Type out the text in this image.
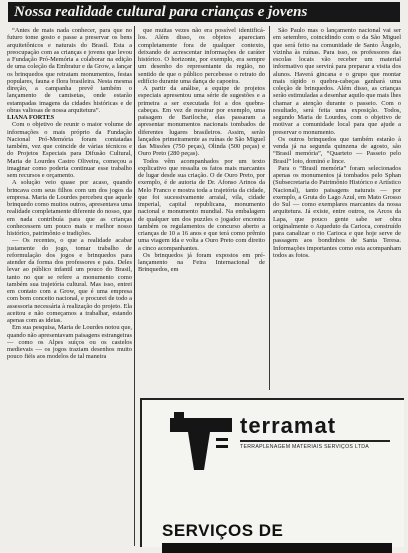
Nossa realidade cultural para crianças e jovens

“Antes de mais nada conhecer, para que no futuro tome gosto e passe a preservar os bens arquitetônicos e naturais do Brasil. Esta a preocupação com as crianças e jovens que levou a Fundação Pró-Memória a colaborar na edição de uma coleção da Embratur e da Grow, a lançar os brinquedos que retratam monumentos, festas populares, fauna e flora brasileira. Nesta mesma direção, a campanha prevê também o lançamento de camisetas, onde estarão estampadas imagens da cidades históricas e de obras valiosas de nossa arquitetura”.

LIANA FORTES

Com o objetivo de reunir o maior volume de informações o mais próprio da Fundação Nacional Pró-Memória foram contatadas também, vez que coincide de várias técnicos e do Projetos Especiais para Difusão Cultural, Maria de Lourdes Castro Oliveira, começou a imaginar como poderia continuar esse trabalho sem recursos e orçamento.

A solução veio quase por acaso, quando brincava com seus filhos com um dos jogos da empresa. Maria de Lourdes percebeu que aquele brinquedo como muitos outros, apresentava uma realidade completamente diferente do nosso, que em nada contribuía para que as crianças conhecessem um pouco mais e melhor nosso histórico, patrimônio e tradições.

— Os recentes, o que a realidade acabar justamente do jogo, tomar trabalho de reformulação dos jogos e brinquedos para atender da forma dos professores e pais. Deles levar ao público infantil um pouco do Brasil, tanto no que se refere a monumento como também sua trajetória cultural. Mas isso, entrei em contato com a Grow, que é uma empresa com bom conceito nacional, e procurei de todo a assessoria necessária à realização do projeto. Ela aceitou e não começamos a trabalhar, estando apenas com as ideias.

Em sua pesquisa, Maria de Lourdes notou que, quando não apresentavam paisagens estrangeiras — como os Alpes suíços ou os castelos medievais — os jogos traziam desenhos muito pouco fiéis aos modelos de tal maneira

que muitas vezes não era possível identificá-los. Além disso, os objetos apareciam completamente fora de qualquer contexto, deixando de acrescentar informações de caráter histórico. O horizonte, por exemplo, era sempre um desenho do representante da região, no sentido de que o público percebesse o retrato do edifício durante uma dança de capoeira.

A partir da análise, a equipe de projetos especiais apresentou uma série de sugestões e a primeira a ser executada foi a dos quebra-cabeças. Em vez de mostrar por exemplo, uma paisagem de Bariloche, elas passaram a apresentar monumentos nacionais tombados de diferentes lugares brasileiros. Assim, serão lançados primeiramente as ruínas de São Miguel das Missões (750 peças), Olinda (500 peças) e Ouro Preto (280 peças).

Todos vêm acompanhados por um texto explicativo que ressalta os fatos mais marcantes de lugar desde sua criação. O de Ouro Preto, por exemplo, é de autoria de Dr. Afonso Arinos da Melo Franco e mostra toda a trajetória da cidade, que foi sucessivamente arraial, vila, cidade imperial, capital republicana, monumento nacional e monumento mundial. Na embalagem de qualquer um dos puzzles o jogador encontra também os regulamentos de concurso aberto a crianças de 10 a 16 anos e que terá como prêmio uma viagem ida e volta a Ouro Preto com direito a cinco acompanhantes.

Os brinquedos já foram expostos em pré-lançamento na Feira Internacional de Brinquedos, em

São Paulo mas o lançamento nacional vai ser em setembro, coincidindo com o da São Miguel que será feito na comunidade de Santo Ângelo, vizinha às ruínas. Para isso, os professores das escolas locais vão receber um material informativo que servirá para preparar a visita dos alunos. Haverá gincana e o grupo que montar mais rápido o quebra-cabeças ganhará uma coleção de brinquedos. Além disso, as crianças serão estimuladas a desenhar aquilo que mais lhes chamar a atenção durante o passeio. Com o resultado, será feita uma exposição. Todos, segundo Maria de Lourdes, com o objetivo de motivar a comunidade local para que ajude a preservar o monumento.

Os outros brinquedos que também estarão à venda já na segunda quinzena de agosto, são “Brasil memória”, “Quarteto — Passeio pelo Brasil” loto, dominó e lince.

Para o “Brasil memória” foram selecionados apenas os monumentos já tombados pelo Sphan (Subsecretaria do Patrimônio Histórico e Artístico Nacional), tanto paisagens naturais — por exemplo, a Gruta do Lago Azul, em Mato Grosso do Sul — como exemplares marcantes da nossa arquitetura. Já existe, entre outros, os Arcos da Lapa, que pouco gente sabe ser obra originalmente o Aqueduto da Carioca, construído para canalizar o rio Carioca e que hoje serve de passagem aos bondinhos de Santa Teresa. Informações importantes como esta acompanham todos as fotos.

terramat
TERRAPLENAGEM MATERIAIS SERVIÇOS LTDA
SERVIÇOS DE
